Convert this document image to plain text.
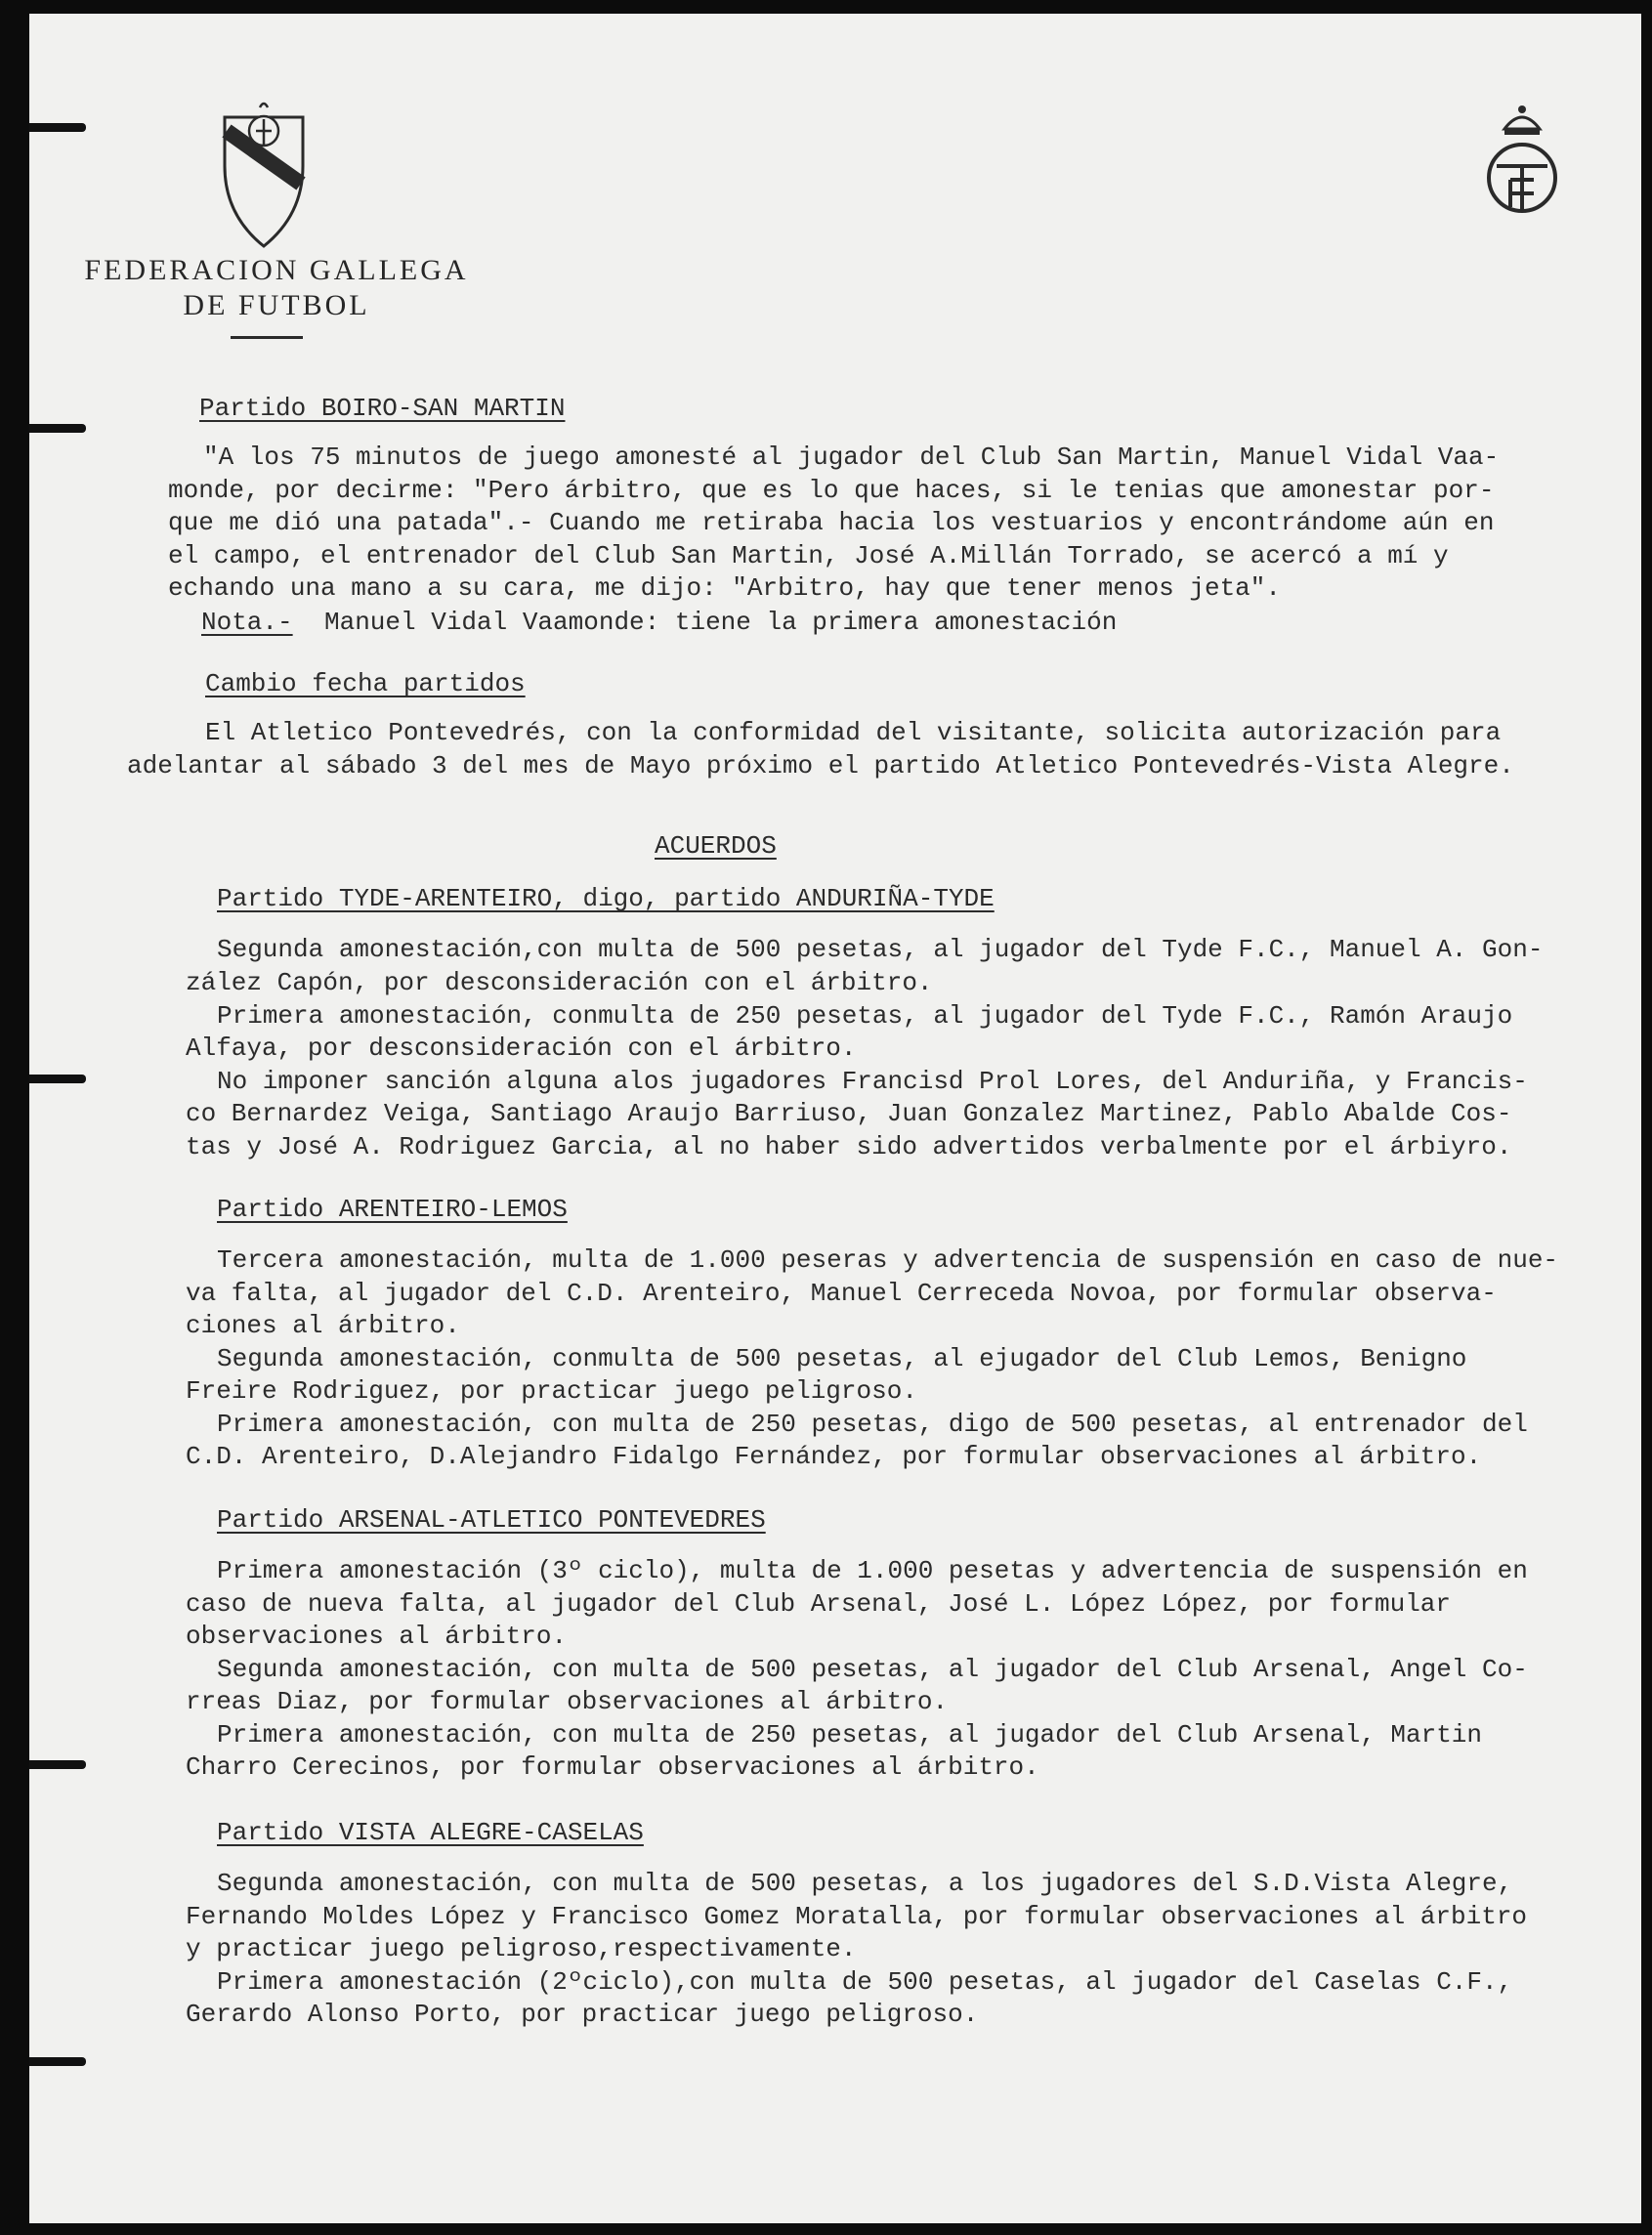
FEDERACION GALLEGA
DE FUTBOL
Partido BOIRO-SAN MARTIN
"A los 75 minutos de juego amonesté al jugador del Club San Martin, Manuel Vidal Vaa-
monde, por decirme: "Pero árbitro, que es lo que haces, si le tenias que amonestar por-
que me dió una patada".- Cuando me retiraba hacia los vestuarios y encontrándome aún en
el campo, el entrenador del Club San Martin, José A.Millán Torrado, se acercó a mí y
echando una mano a su cara, me dijo: "Arbitro, hay que tener menos jeta".
Nota.- Manuel Vidal Vaamonde: tiene la primera amonestación
Cambio fecha partidos
El Atletico Pontevedrés, con la conformidad del visitante, solicita autorización para
adelantar al sábado 3 del mes de Mayo próximo el partido Atletico Pontevedrés-Vista Alegre.
ACUERDOS
Partido TYDE-ARENTEIRO, digo, partido ANDURIÑA-TYDE
Segunda amonestación,con multa de 500 pesetas, al jugador del Tyde F.C., Manuel A. Gon-
zález Capón, por desconsideración con el árbitro.
Primera amonestación, conmulta de 250 pesetas, al jugador del Tyde F.C., Ramón Araujo
Alfaya, por desconsideración con el árbitro.
No imponer sanción alguna alos jugadores Francisd Prol Lores, del Anduriña, y Francis-
co Bernardez Veiga, Santiago Araujo Barriuso, Juan Gonzalez Martinez, Pablo Abalde Cos-
tas y José A. Rodriguez Garcia, al no haber sido advertidos verbalmente por el árbiyro.
Partido ARENTEIRO-LEMOS
Tercera amonestación, multa de 1.000 peseras y advertencia de suspensión en caso de nue-
va falta, al jugador del C.D. Arenteiro, Manuel Cerreceda Novoa, por formular observa-
ciones al árbitro.
Segunda amonestación, conmulta de 500 pesetas, al ejugador del Club Lemos, Benigno
Freire Rodriguez, por practicar juego peligroso.
Primera amonestación, con multa de 250 pesetas, digo de 500 pesetas, al entrenador del
C.D. Arenteiro, D.Alejandro Fidalgo Fernández, por formular observaciones al árbitro.
Partido ARSENAL-ATLETICO PONTEVEDRES
Primera amonestación (3º ciclo), multa de 1.000 pesetas y advertencia de suspensión en
caso de nueva falta, al jugador del Club Arsenal, José L. López López, por formular
observaciones al árbitro.
Segunda amonestación, con multa de 500 pesetas, al jugador del Club Arsenal, Angel Co-
rreas Diaz, por formular observaciones al árbitro.
Primera amonestación, con multa de 250 pesetas, al jugador del Club Arsenal, Martin
Charro Cerecinos, por formular observaciones al árbitro.
Partido VISTA ALEGRE-CASELAS
Segunda amonestación, con multa de 500 pesetas, a los jugadores del S.D.Vista Alegre,
Fernando Moldes López y Francisco Gomez Moratalla, por formular observaciones al árbitro
y practicar juego peligroso,respectivamente.
Primera amonestación (2ºciclo),con multa de 500 pesetas, al jugador del Caselas C.F.,
Gerardo Alonso Porto, por practicar juego peligroso.
